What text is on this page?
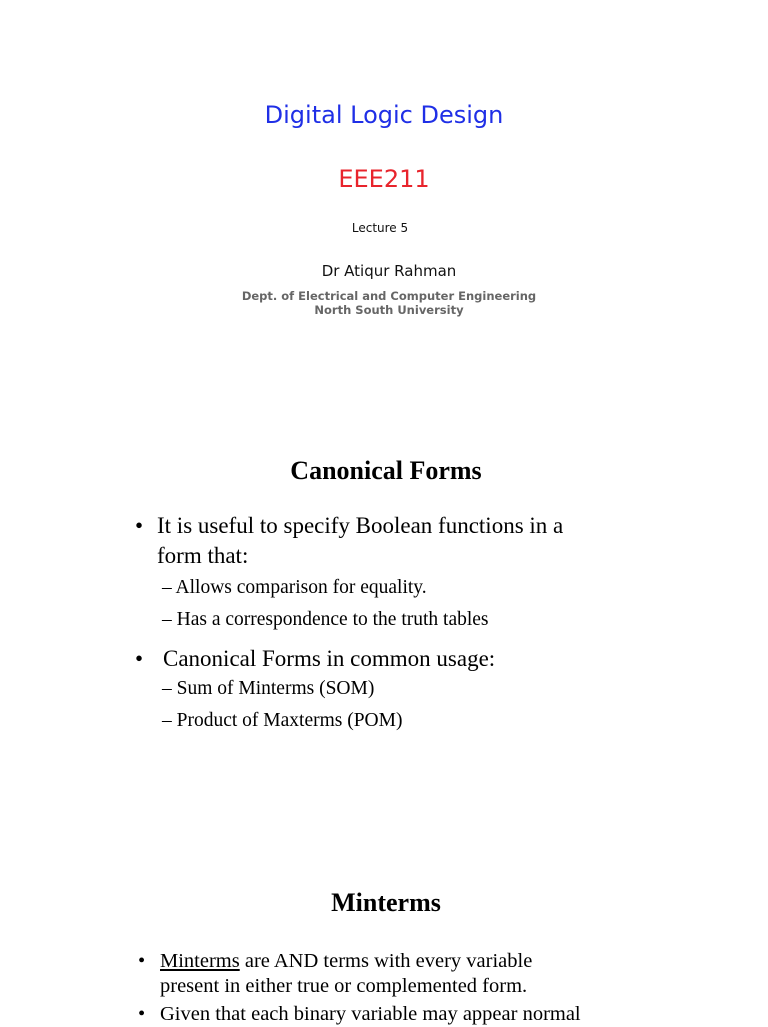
Digital Logic Design
EEE211
Lecture 5
Dr Atiqur Rahman
Dept. of Electrical and Computer Engineering
North South University
Canonical Forms
• It is useful to specify Boolean functions in a
form that:
– Allows comparison for equality.
– Has a correspondence to the truth tables
• Canonical Forms in common usage:
– Sum of Minterms (SOM)
– Product of Maxterms (POM)
Minterms
• Minterms are AND terms with every variable
present in either true or complemented form.
• Given that each binary variable may appear normal
